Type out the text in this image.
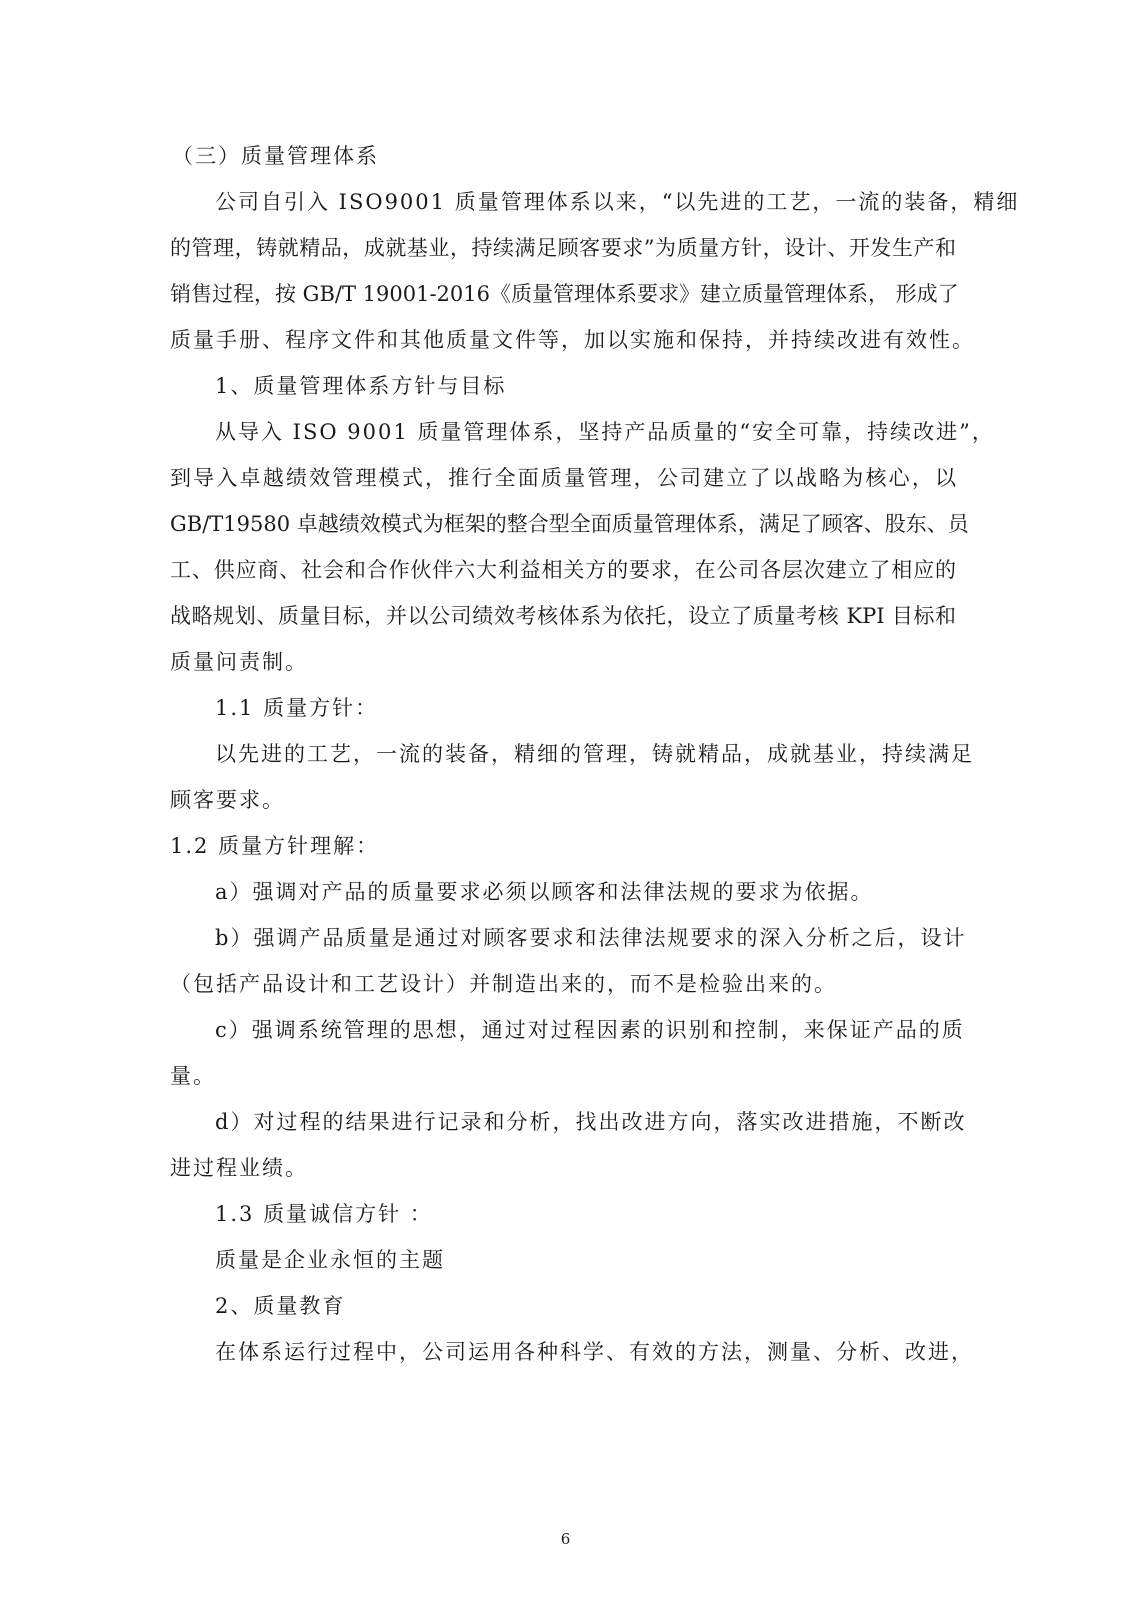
（三）质量管理体系
公司自引入 ISO9001 质量管理体系以来，“以先进的工艺，一流的装备，精细
的管理，铸就精品，成就基业，持续满足顾客要求”为质量方针，设计、开发生产和
销售过程，按 GB/T 19001-2016《质量管理体系要求》建立质量管理体系， 形成了
质量手册、程序文件和其他质量文件等，加以实施和保持，并持续改进有效性。
1、质量管理体系方针与目标
从导入 ISO 9001 质量管理体系，坚持产品质量的“安全可靠，持续改进”，
到导入卓越绩效管理模式，推行全面质量管理，公司建立了以战略为核心，以
GB/T19580 卓越绩效模式为框架的整合型全面质量管理体系，满足了顾客、股东、员
工、供应商、社会和合作伙伴六大利益相关方的要求，在公司各层次建立了相应的
战略规划、质量目标，并以公司绩效考核体系为依托，设立了质量考核 KPI 目标和
质量问责制。
1.1 质量方针：
以先进的工艺，一流的装备，精细的管理，铸就精品，成就基业，持续满足
顾客要求。
1.2 质量方针理解：
a）强调对产品的质量要求必须以顾客和法律法规的要求为依据。
b）强调产品质量是通过对顾客要求和法律法规要求的深入分析之后，设计
（包括产品设计和工艺设计）并制造出来的，而不是检验出来的。
c）强调系统管理的思想，通过对过程因素的识别和控制，来保证产品的质
量。
d）对过程的结果进行记录和分析，找出改进方向，落实改进措施，不断改
进过程业绩。
1.3 质量诚信方针 ：
质量是企业永恒的主题
2、质量教育
在体系运行过程中，公司运用各种科学、有效的方法，测量、分析、改进，
6
